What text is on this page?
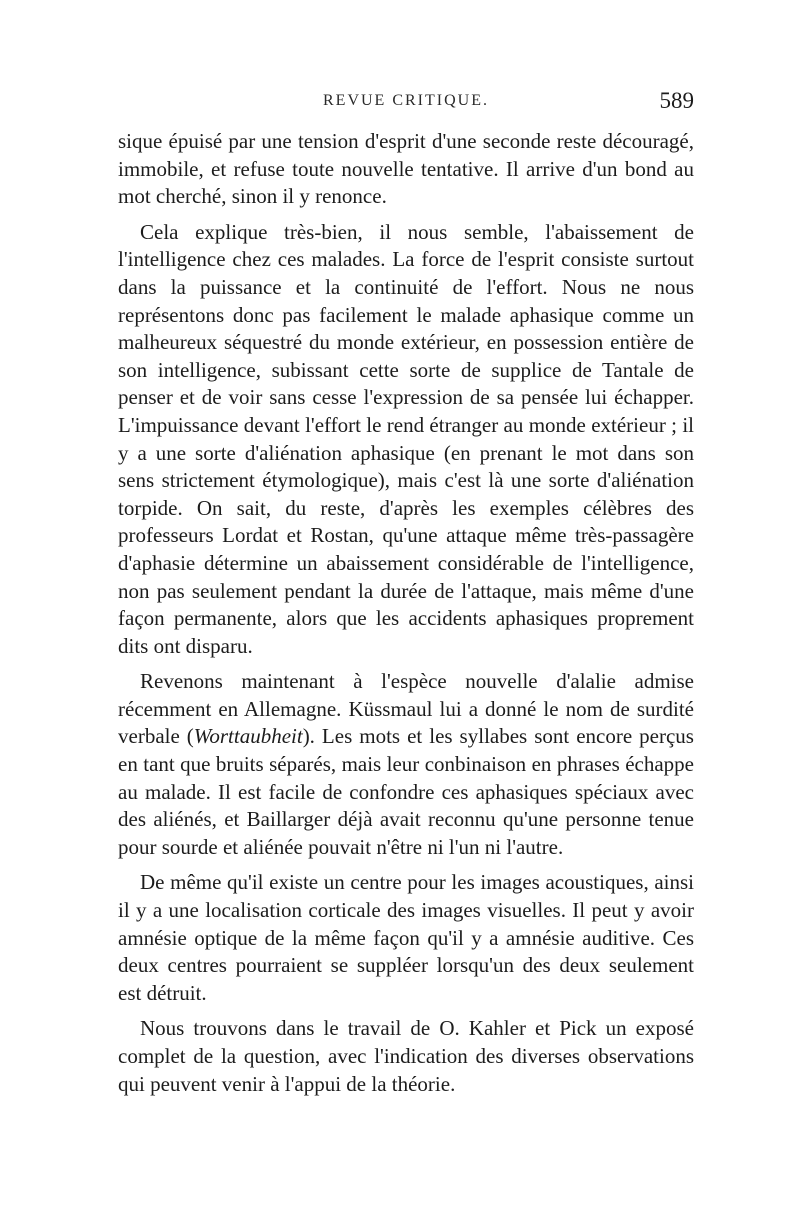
REVUE CRITIQUE.	589

sique épuisé par une tension d'esprit d'une seconde reste découragé, immobile, et refuse toute nouvelle tentative. Il arrive d'un bond au mot cherché, sinon il y renonce.

Cela explique très-bien, il nous semble, l'abaissement de l'intelligence chez ces malades. La force de l'esprit consiste surtout dans la puissance et la continuité de l'effort. Nous ne nous représentons donc pas facilement le malade aphasique comme un malheureux séquestré du monde extérieur, en possession entière de son intelligence, subissant cette sorte de supplice de Tantale de penser et de voir sans cesse l'expression de sa pensée lui échapper. L'impuissance devant l'effort le rend étranger au monde extérieur ; il y a une sorte d'aliénation aphasique (en prenant le mot dans son sens strictement étymologique), mais c'est là une sorte d'aliénation torpide. On sait, du reste, d'après les exemples célèbres des professeurs Lordat et Rostan, qu'une attaque même très-passagère d'aphasie détermine un abaissement considérable de l'intelligence, non pas seulement pendant la durée de l'attaque, mais même d'une façon permanente, alors que les accidents aphasiques proprement dits ont disparu.

Revenons maintenant à l'espèce nouvelle d'alalie admise récemment en Allemagne. Küssmaul lui a donné le nom de surdité verbale (Worttaubheit). Les mots et les syllabes sont encore perçus en tant que bruits séparés, mais leur conbinaison en phrases échappe au malade. Il est facile de confondre ces aphasiques spéciaux avec des aliénés, et Baillarger déjà avait reconnu qu'une personne tenue pour sourde et aliénée pouvait n'être ni l'un ni l'autre.

De même qu'il existe un centre pour les images acoustiques, ainsi il y a une localisation corticale des images visuelles. Il peut y avoir amnésie optique de la même façon qu'il y a amnésie auditive. Ces deux centres pourraient se suppléer lorsqu'un des deux seulement est détruit.

Nous trouvons dans le travail de O. Kahler et Pick un exposé complet de la question, avec l'indication des diverses observations qui peuvent venir à l'appui de la théorie.
